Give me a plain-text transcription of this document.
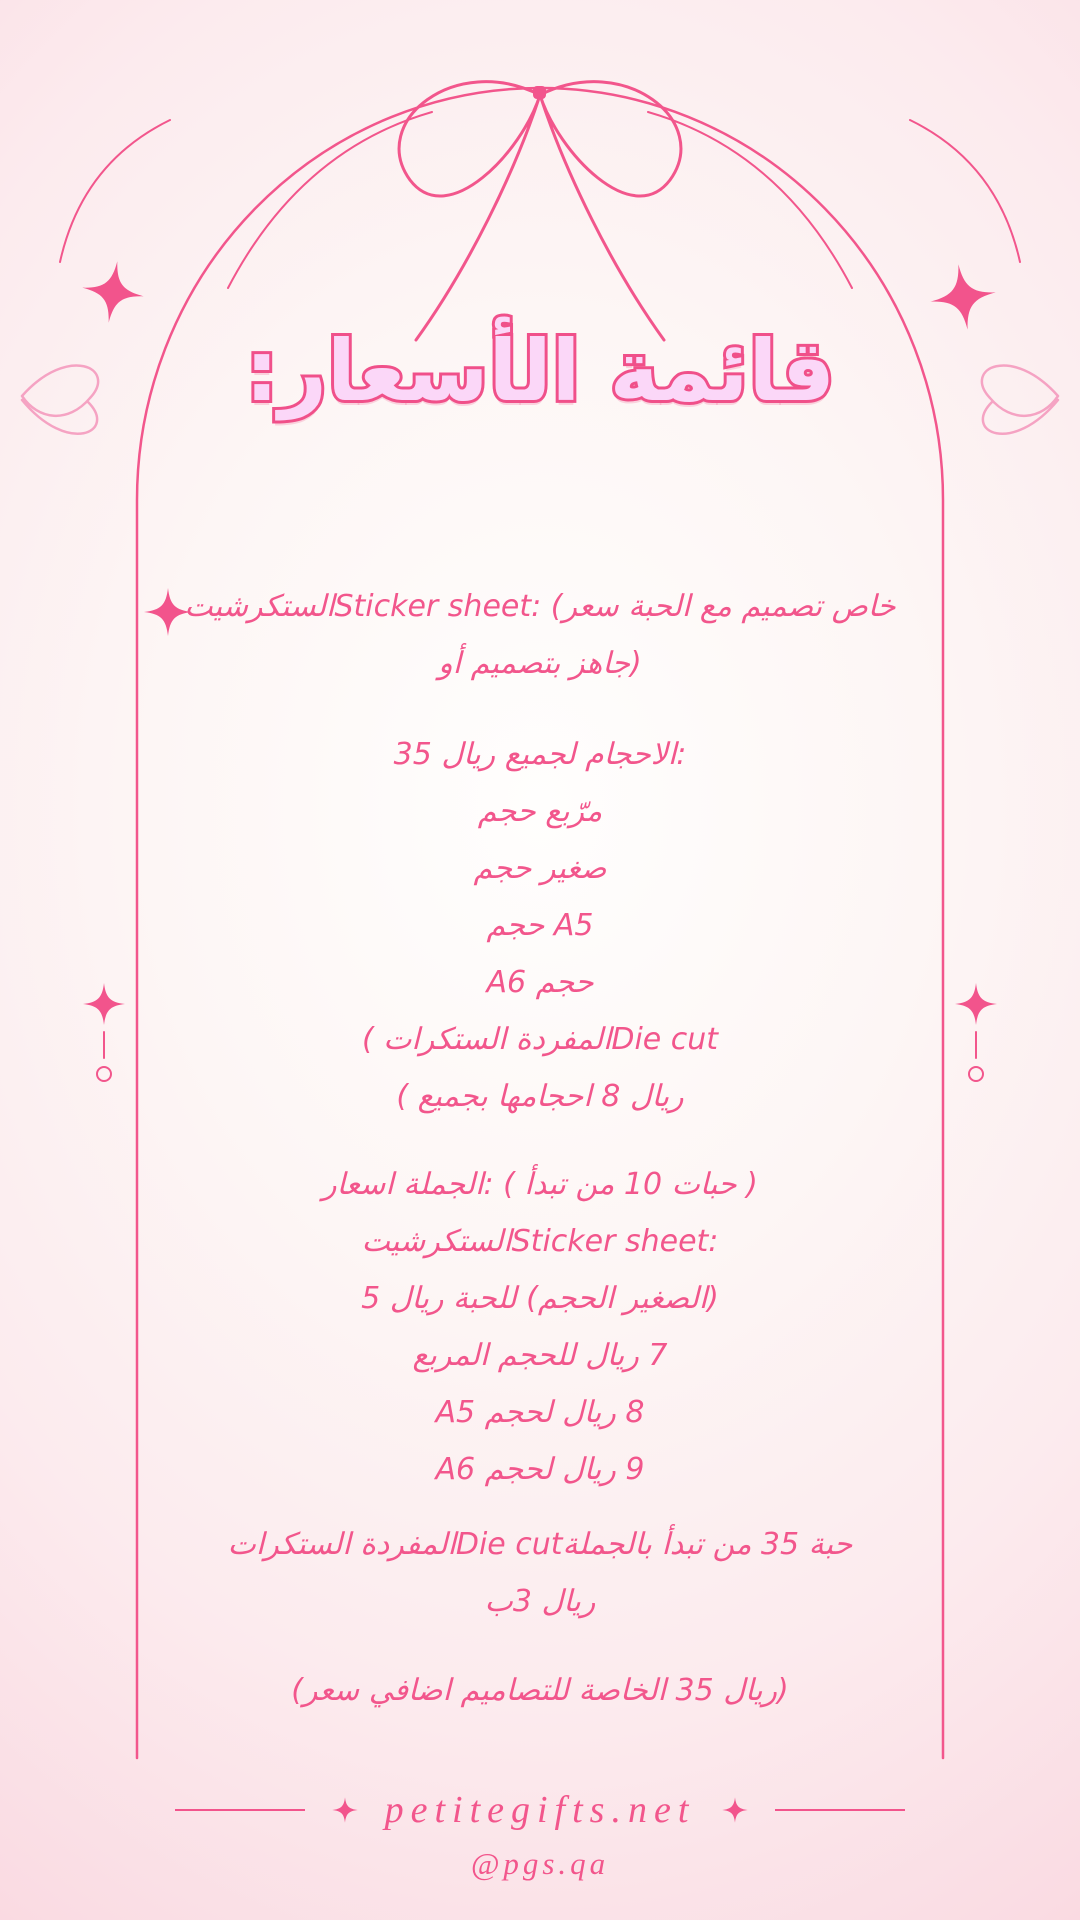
قائمة الأسعار:
الستكرشيت‎Sticker sheet: (سعر‎ الحبة‎ مع‎ تصميم‎ خاص
أو‎ بتصميم‎ جاهز‎)
35 ريال‎ لجميع‎ الاحجام‎:
حجم‎ مرّبع
حجم‎ صغير
حجم‎ A5
A6 حجم
( الستكرات‎ المفردة‎Die cut
( بجميع‎ احجامها‎ 8 ريال
اسعار‎ الجملة‎: ( تبدأ‎ من‎ 10 حبات‎ )
الستكرشيت‎Sticker sheet:
5 ريال‎ للحبة‎ (الحجم‎ الصغير‎)
المربع‎ للحجم‎ ريال‎ 7
A5 لحجم‎ ريال‎ 8
A6 لحجم‎ ريال‎ 9
الستكرات‎ المفردة‎Die cut‎بالجملة‎ تبدأ‎ من‎ 35 حبة
ب‎3 ريال
(سعر‎ اضافي‎ للتصاميم‎ الخاصة‎ 35 ريال‎)
petitegifts.net
@pgs.qa
